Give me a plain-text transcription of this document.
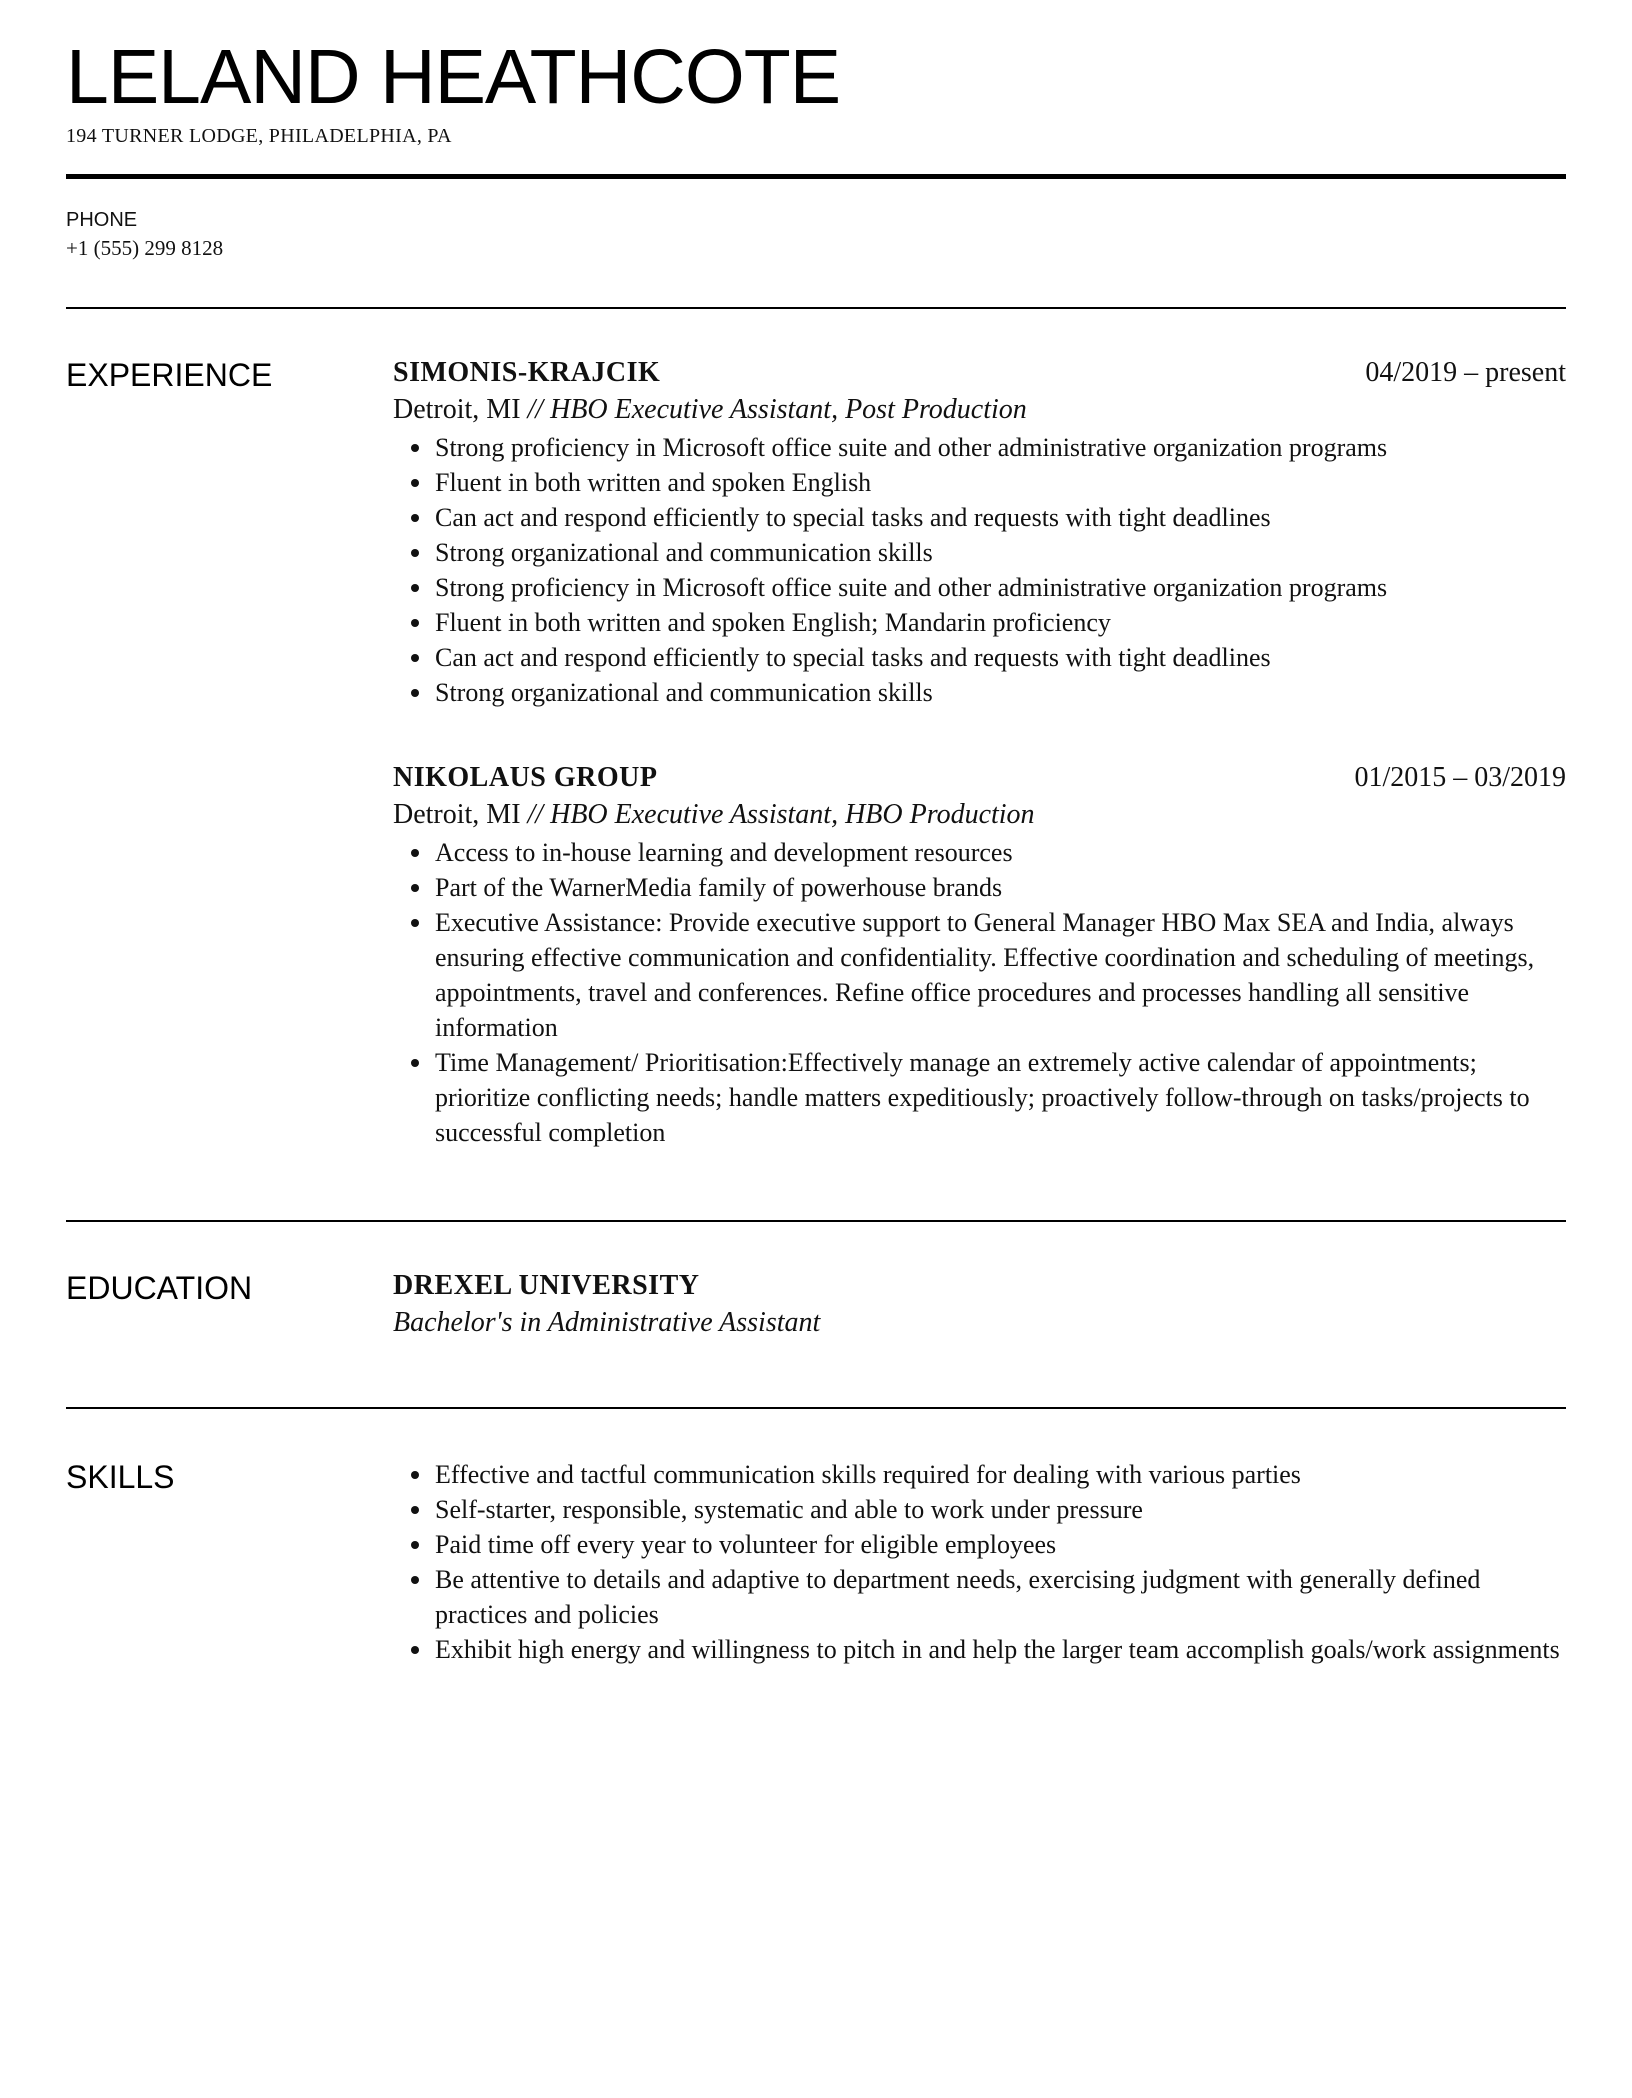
LELAND HEATHCOTE
194 TURNER LODGE, PHILADELPHIA, PA
PHONE
+1 (555) 299 8128
EXPERIENCE	SIMONIS-KRAJCIK	04/2019 – present
Detroit, MI // HBO Executive Assistant, Post Production
Strong proficiency in Microsoft office suite and other administrative organization programs
Fluent in both written and spoken English
Can act and respond efficiently to special tasks and requests with tight deadlines
Strong organizational and communication skills
Strong proficiency in Microsoft office suite and other administrative organization programs
Fluent in both written and spoken English; Mandarin proficiency
Can act and respond efficiently to special tasks and requests with tight deadlines
Strong organizational and communication skills
NIKOLAUS GROUP	01/2015 – 03/2019
Detroit, MI // HBO Executive Assistant, HBO Production
Access to in-house learning and development resources
Part of the WarnerMedia family of powerhouse brands
Executive Assistance: Provide executive support to General Manager HBO Max SEA and India, always ensuring effective communication and confidentiality. Effective coordination and scheduling of meetings, appointments, travel and conferences. Refine office procedures and processes handling all sensitive information
Time Management/ Prioritisation:Effectively manage an extremely active calendar of appointments; prioritize conflicting needs; handle matters expeditiously; proactively follow-through on tasks/projects to successful completion
EDUCATION	DREXEL UNIVERSITY
Bachelor's in Administrative Assistant
SKILLS	Effective and tactful communication skills required for dealing with various parties
Self-starter, responsible, systematic and able to work under pressure
Paid time off every year to volunteer for eligible employees
Be attentive to details and adaptive to department needs, exercising judgment with generally defined practices and policies
Exhibit high energy and willingness to pitch in and help the larger team accomplish goals/work assignments
